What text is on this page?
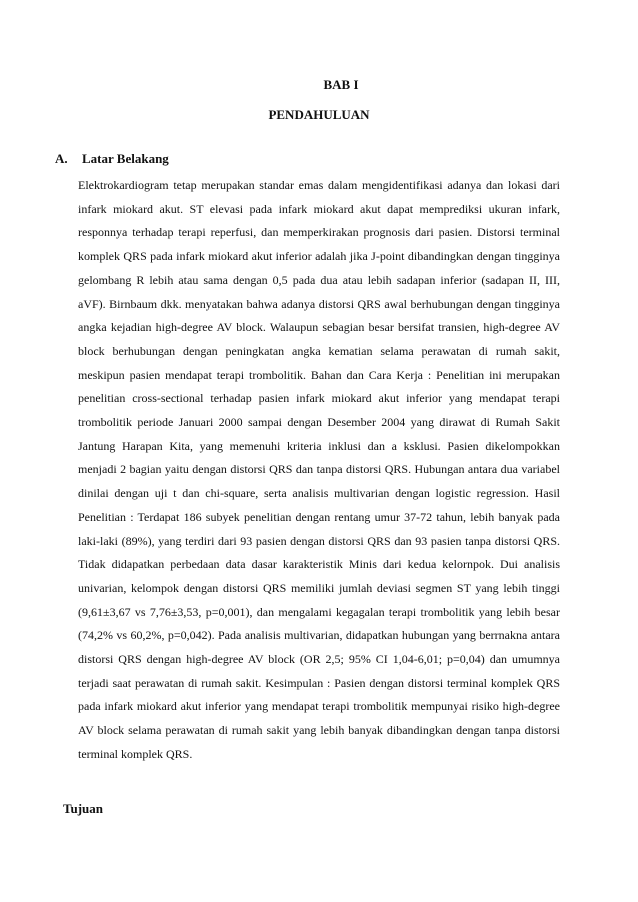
BAB I
PENDAHULUAN
A. Latar Belakang

Elektrokardiogram tetap merupakan standar emas dalam mengidentifikasi adanya dan lokasi dari infark miokard akut. ST elevasi pada infark miokard akut dapat memprediksi ukuran infark, responnya terhadap terapi reperfusi, dan memperkirakan prognosis dari pasien. Distorsi terminal komplek QRS pada infark miokard akut inferior adalah jika J-point dibandingkan dengan tingginya gelombang R lebih atau sama dengan 0,5 pada dua atau lebih sadapan inferior (sadapan II, III, aVF). Birnbaum dkk. menyatakan bahwa adanya distorsi QRS awal berhubungan dengan tingginya angka kejadian high-degree AV block. Walaupun sebagian besar bersifat transien, high-degree AV block berhubungan dengan peningkatan angka kematian selama perawatan di rumah sakit, meskipun pasien mendapat terapi trombolitik. Bahan dan Cara Kerja : Penelitian ini merupakan penelitian cross-sectional terhadap pasien infark miokard akut inferior yang mendapat terapi trombolitik periode Januari 2000 sampai dengan Desember 2004 yang dirawat di Rumah Sakit Jantung Harapan Kita, yang memenuhi kriteria inklusi dan a ksklusi. Pasien dikelompokkan menjadi 2 bagian yaitu dengan distorsi QRS dan tanpa distorsi QRS. Hubungan antara dua variabel dinilai dengan uji t dan chi-square, serta analisis multivarian dengan logistic regression. Hasil Penelitian : Terdapat 186 subyek penelitian dengan rentang umur 37-72 tahun, lebih banyak pada laki-laki (89%), yang terdiri dari 93 pasien dengan distorsi QRS dan 93 pasien tanpa distorsi QRS. Tidak didapatkan perbedaan data dasar karakteristik Minis dari kedua kelornpok. Dui analisis univarian, kelompok dengan distorsi QRS memiliki jumlah deviasi segmen ST yang lebih tinggi (9,61±3,67 vs 7,76±3,53, p=0,001), dan mengalami kegagalan terapi trombolitik yang lebih besar (74,2% vs 60,2%, p=0,042). Pada analisis multivarian, didapatkan hubungan yang berrnakna antara distorsi QRS dengan high-degree AV block (OR 2,5; 95% CI 1,04-6,01; p=0,04) dan umumnya terjadi saat perawatan di rumah sakit. Kesimpulan : Pasien dengan distorsi terminal komplek QRS pada infark miokard akut inferior yang mendapat terapi trombolitik mempunyai risiko high-degree AV block selama perawatan di rumah sakit yang lebih banyak dibandingkan dengan tanpa distorsi terminal komplek QRS.

Tujuan
